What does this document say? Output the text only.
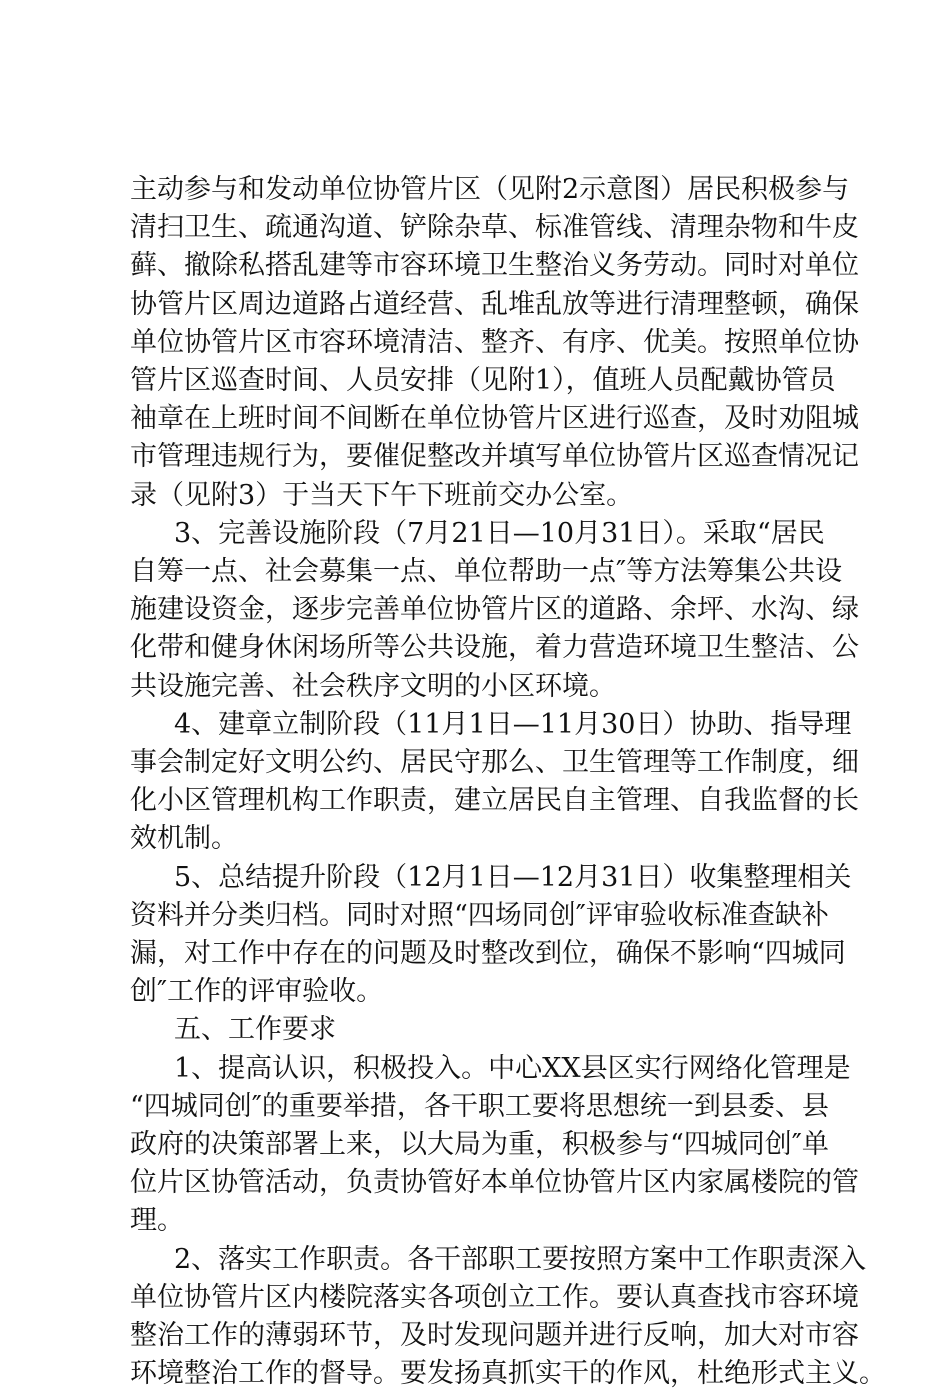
主动参与和发动单位协管片区（见附2示意图）居民积极参与
清扫卫生、疏通沟道、铲除杂草、标准管线、清理杂物和牛皮
藓、撤除私搭乱建等市容环境卫生整治义务劳动。同时对单位
协管片区周边道路占道经营、乱堆乱放等进行清理整顿，确保
单位协管片区市容环境清洁、整齐、有序、优美。按照单位协
管片区巡查时间、人员安排（见附1），值班人员配戴协管员
袖章在上班时间不间断在单位协管片区进行巡查，及时劝阻城
市管理违规行为，要催促整改并填写单位协管片区巡查情况记
录（见附3）于当天下午下班前交办公室。
3、完善设施阶段（7月21日—10月31日）。采取“居民
自筹一点、社会募集一点、单位帮助一点″等方法筹集公共设
施建设资金，逐步完善单位协管片区的道路、余坪、水沟、绿
化带和健身休闲场所等公共设施，着力营造环境卫生整洁、公
共设施完善、社会秩序文明的小区环境。
4、建章立制阶段（11月1日—11月30日）协助、指导理
事会制定好文明公约、居民守那么、卫生管理等工作制度，细
化小区管理机构工作职责，建立居民自主管理、自我监督的长
效机制。
5、总结提升阶段（12月1日—12月31日）收集整理相关
资料并分类归档。同时对照“四场同创″评审验收标准查缺补
漏，对工作中存在的问题及时整改到位，确保不影响“四城同
创″工作的评审验收。
五、工作要求
1、提高认识，积极投入。中心XX县区实行网络化管理是
“四城同创″的重要举措，各干职工要将思想统一到县委、县
政府的决策部署上来，以大局为重，积极参与“四城同创″单
位片区协管活动，负责协管好本单位协管片区内家属楼院的管
理。
2、落实工作职责。各干部职工要按照方案中工作职责深入
单位协管片区内楼院落实各项创立工作。要认真查找市容环境
整治工作的薄弱环节，及时发现问题并进行反响，加大对市容
环境整治工作的督导。要发扬真抓实干的作风，杜绝形式主义。
